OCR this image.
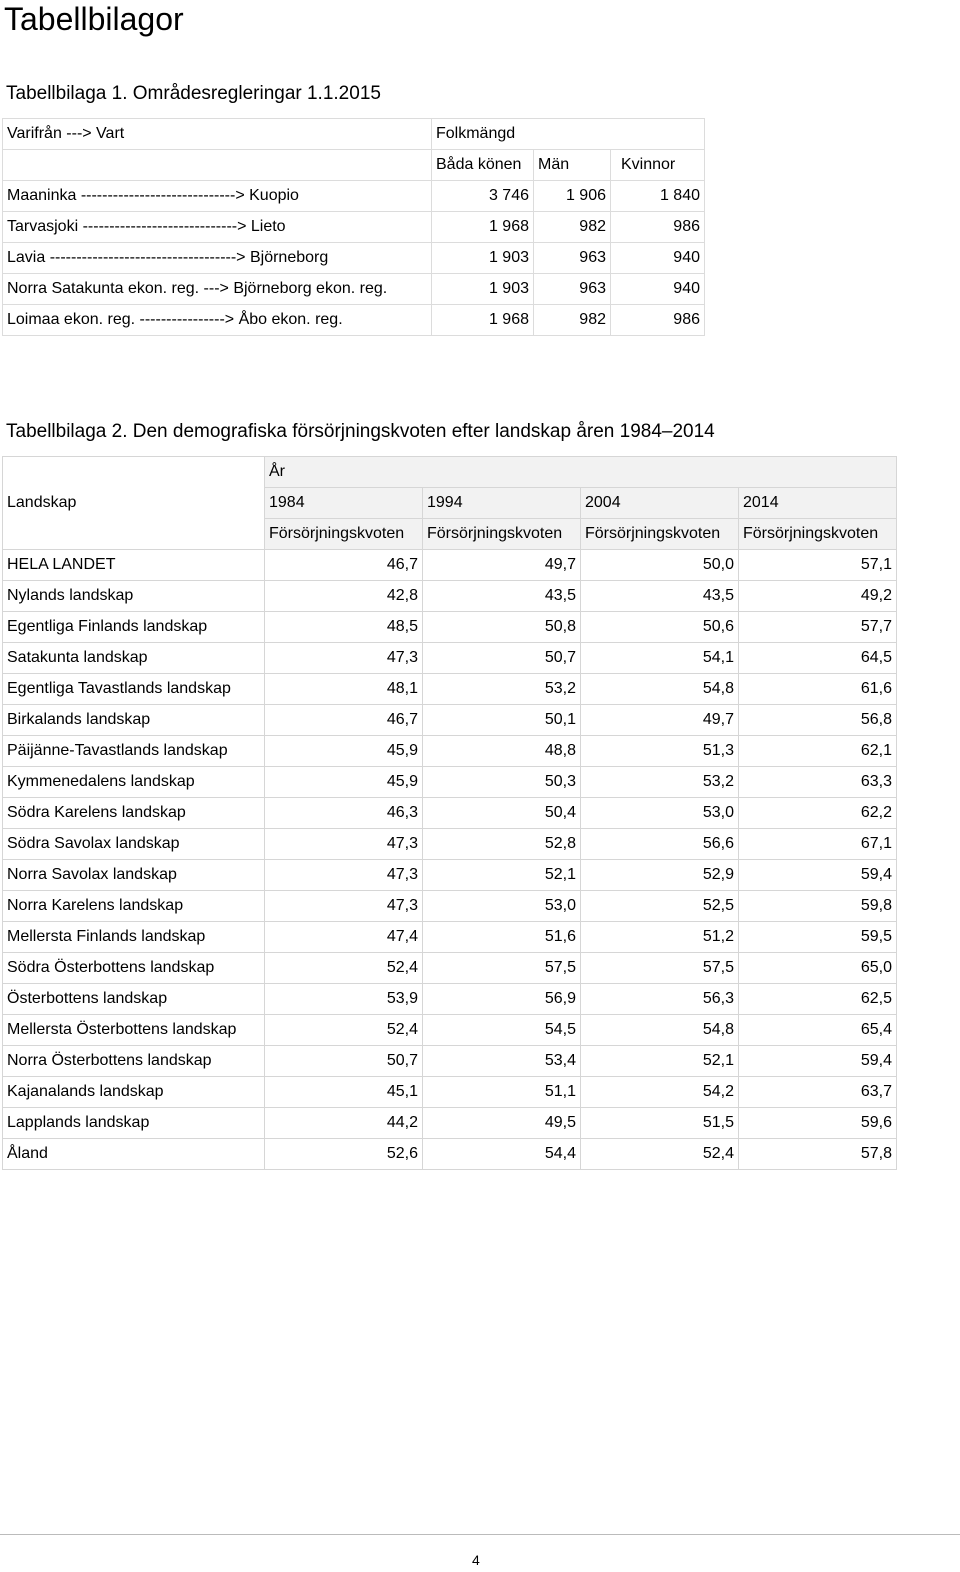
Tabellbilagor
Tabellbilaga 1. Områdesregleringar 1.1.2015
Varifrån ---> Vart	Folkmängd		
	Båda könen	Män	Kvinnor
Maaninka -----------------------------> Kuopio	3 746	1 906	1 840
Tarvasjoki -----------------------------> Lieto	1 968	982	986
Lavia -----------------------------------> Björneborg	1 903	963	940
Norra Satakunta ekon. reg. ---> Björneborg ekon. reg.	1 903	963	940
Loimaa ekon. reg. ----------------> Åbo ekon. reg.	1 968	982	986
Tabellbilaga 2. Den demografiska försörjningskvoten efter landskap åren 1984–2014
	År			
Landskap	1984	1994	2004	2014
	Försörjningskvoten	Försörjningskvoten	Försörjningskvoten	Försörjningskvoten
HELA LANDET	46,7	49,7	50,0	57,1
Nylands landskap	42,8	43,5	43,5	49,2
Egentliga Finlands landskap	48,5	50,8	50,6	57,7
Satakunta landskap	47,3	50,7	54,1	64,5
Egentliga Tavastlands landskap	48,1	53,2	54,8	61,6
Birkalands landskap	46,7	50,1	49,7	56,8
Päijänne-Tavastlands landskap	45,9	48,8	51,3	62,1
Kymmenedalens landskap	45,9	50,3	53,2	63,3
Södra Karelens landskap	46,3	50,4	53,0	62,2
Södra Savolax landskap	47,3	52,8	56,6	67,1
Norra Savolax landskap	47,3	52,1	52,9	59,4
Norra Karelens landskap	47,3	53,0	52,5	59,8
Mellersta Finlands landskap	47,4	51,6	51,2	59,5
Södra Österbottens landskap	52,4	57,5	57,5	65,0
Österbottens landskap	53,9	56,9	56,3	62,5
Mellersta Österbottens landskap	52,4	54,5	54,8	65,4
Norra Österbottens landskap	50,7	53,4	52,1	59,4
Kajanalands landskap	45,1	51,1	54,2	63,7
Lapplands landskap	44,2	49,5	51,5	59,6
Åland	52,6	54,4	52,4	57,8
4
